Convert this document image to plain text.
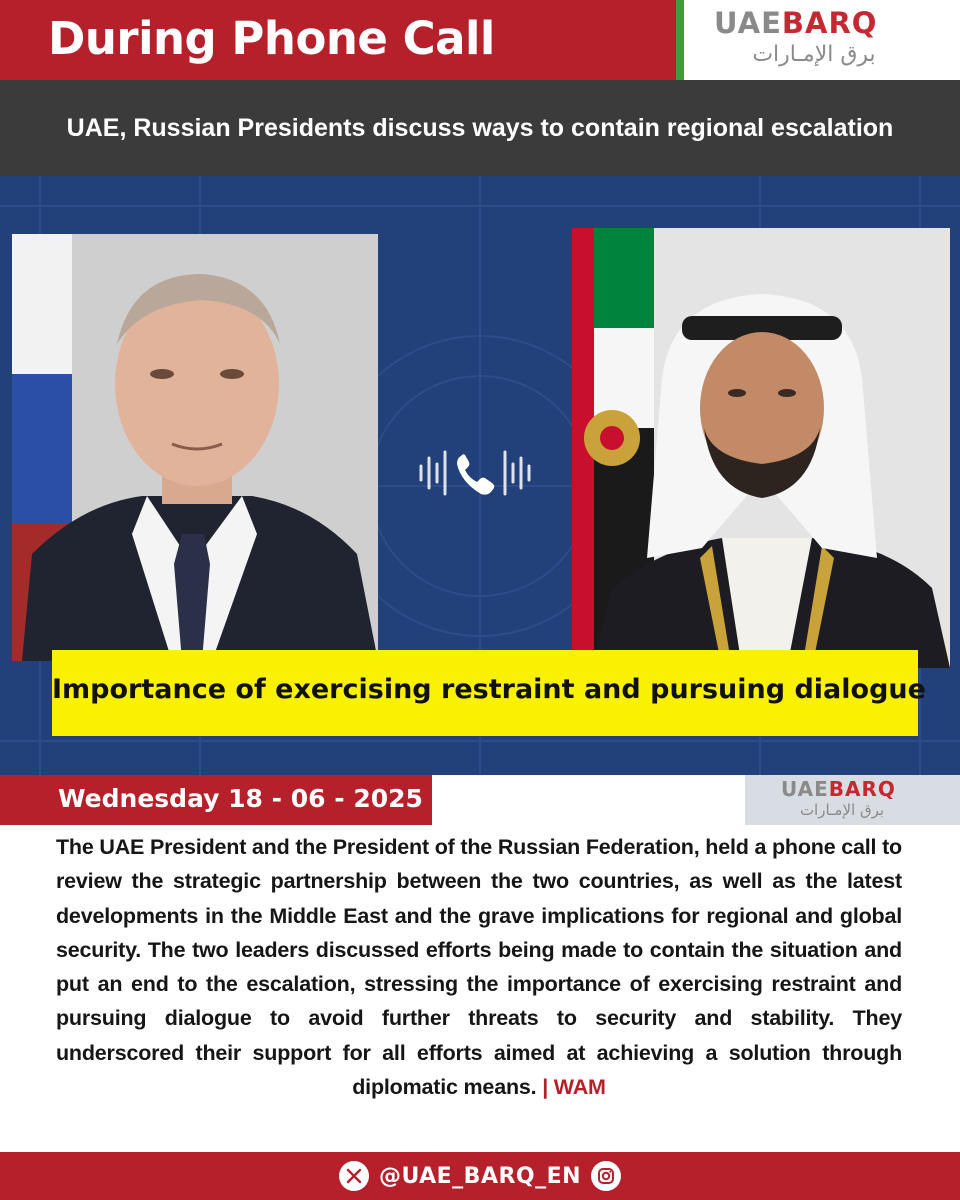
During Phone Call	UAEBARQ
برق الإمـارات
UAE, Russian Presidents discuss ways to contain regional escalation
Importance of exercising restraint and pursuing dialogue
Wednesday 18 - 06 - 2025	UAEBARQ
برق الإمـارات
The UAE President and the President of the Russian Federation, held a phone call to review the strategic partnership between the two countries, as well as the latest developments in the Middle East and the grave implications for regional and global security. The two leaders discussed efforts being made to contain the situation and put an end to the escalation, stressing the importance of exercising restraint and pursuing dialogue to avoid further threats to security and stability. They underscored their support for all efforts aimed at achieving a solution through diplomatic means. | WAM
@UAE_BARQ_EN
